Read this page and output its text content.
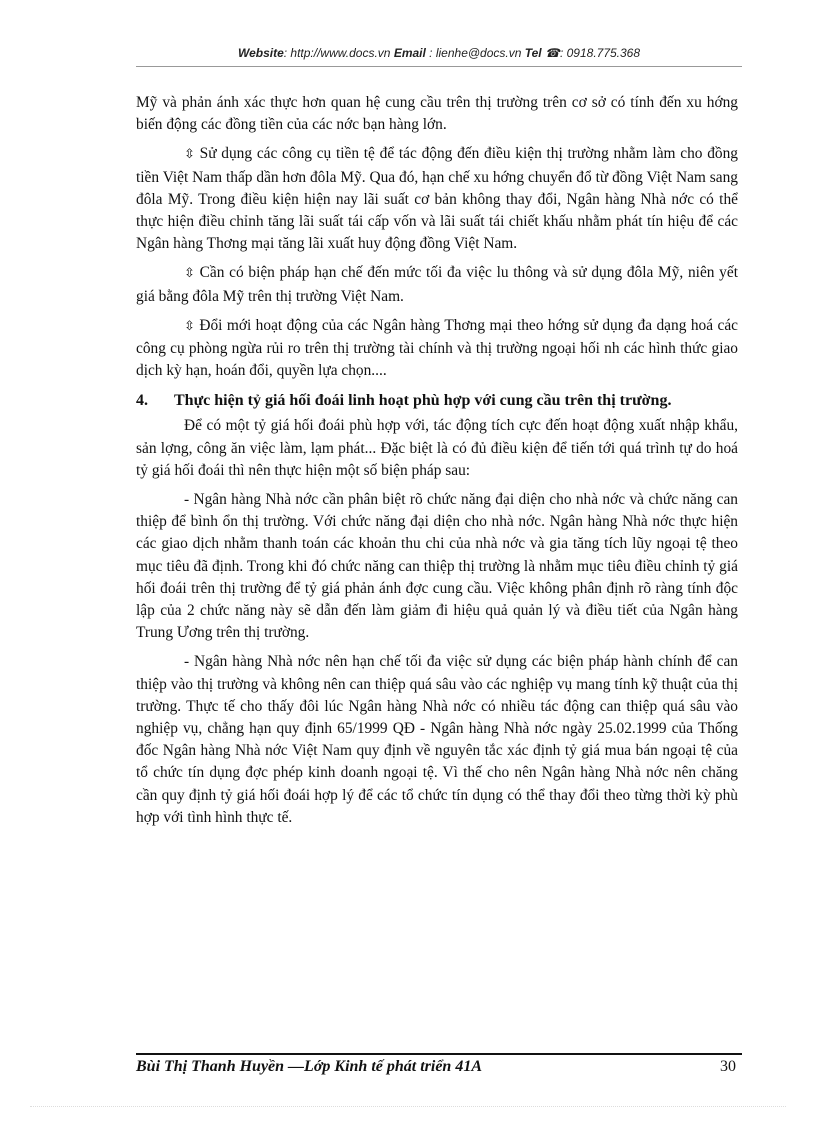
Website: http://www.docs.vn Email : lienhe@docs.vn Tel ☎: 0918.775.368

Mỹ và phản ánh xác thực hơn quan hệ cung cầu trên thị trường trên cơ sở có tính đến xu hớng biến động các đồng tiền của các nớc bạn hàng lớn.

⇳ Sử dụng các công cụ tiền tệ để tác động đến điều kiện thị trường nhằm làm cho đồng tiền Việt Nam thấp dần hơn đôla Mỹ. Qua đó, hạn chế xu hớng chuyển đổ từ đồng Việt Nam sang đôla Mỹ. Trong điều kiện hiện nay lãi suất cơ bản không thay đổi, Ngân hàng Nhà nớc có thể thực hiện điều chỉnh tăng lãi suất tái cấp vốn và lãi suất tái chiết khấu nhằm phát tín hiệu để các Ngân hàng Thơng mại tăng lãi xuất huy động đồng Việt Nam.

⇳ Cần có biện pháp hạn chế đến mức tối đa việc lu thông và sử dụng đôla Mỹ, niên yết giá bằng đôla Mỹ trên thị trường Việt Nam.

⇳ Đổi mới hoạt động của các Ngân hàng Thơng mại theo hớng sử dụng đa dạng hoá các công cụ phòng ngừa rủi ro trên thị trường tài chính và thị trường ngoại hối nh các hình thức giao dịch kỳ hạn, hoán đổi, quyền lựa chọn....

4.	Thực hiện tỷ giá hối đoái linh hoạt phù hợp với cung cầu trên thị trường.

Để có một tỷ giá hối đoái phù hợp với, tác động tích cực đến hoạt động xuất nhập khẩu, sản lợng, công ăn việc làm, lạm phát... Đặc biệt là có đủ điều kiện để tiến tới quá trình tự do hoá tỷ giá hối đoái thì nên thực hiện một số biện pháp sau:

- Ngân hàng Nhà nớc cần phân biệt rõ chức năng đại diện cho nhà nớc và chức năng can thiệp để bình ổn thị trường. Với chức năng đại diện cho nhà nớc. Ngân hàng Nhà nớc thực hiện các giao dịch nhằm thanh toán các khoản thu chi của nhà nớc và gia tăng tích lũy ngoại tệ theo mục tiêu đã định. Trong khi đó chức năng can thiệp thị trường là nhằm mục tiêu điều chỉnh tỷ giá hối đoái trên thị trường để tỷ giá phản ánh đợc cung cầu. Việc không phân định rõ ràng tính độc lập của 2 chức năng này sẽ dẫn đến làm giảm đi hiệu quả quản lý và điều tiết của Ngân hàng Trung Ương trên thị trường.

- Ngân hàng Nhà nớc nên hạn chế tối đa việc sử dụng các biện pháp hành chính để can thiệp vào thị trường và không nên can thiệp quá sâu vào các nghiệp vụ mang tính kỹ thuật của thị trường. Thực tế cho thấy đôi lúc Ngân hàng Nhà nớc có nhiều tác động can thiệp quá sâu vào nghiệp vụ, chẳng hạn quy định 65/1999 QĐ - Ngân hàng Nhà nớc ngày 25.02.1999 của Thống đốc Ngân hàng Nhà nớc Việt Nam quy định về nguyên tắc xác định tỷ giá mua bán ngoại tệ của tổ chức tín dụng đợc phép kinh doanh ngoại tệ. Vì thế cho nên Ngân hàng Nhà nớc nên chăng cần quy định tỷ giá hối đoái hợp lý để các tổ chức tín dụng có thể thay đổi theo từng thời kỳ phù hợp với tình hình thực tế.

Bùi Thị Thanh Huyền —Lớp Kinh tế phát triển 41A	30
